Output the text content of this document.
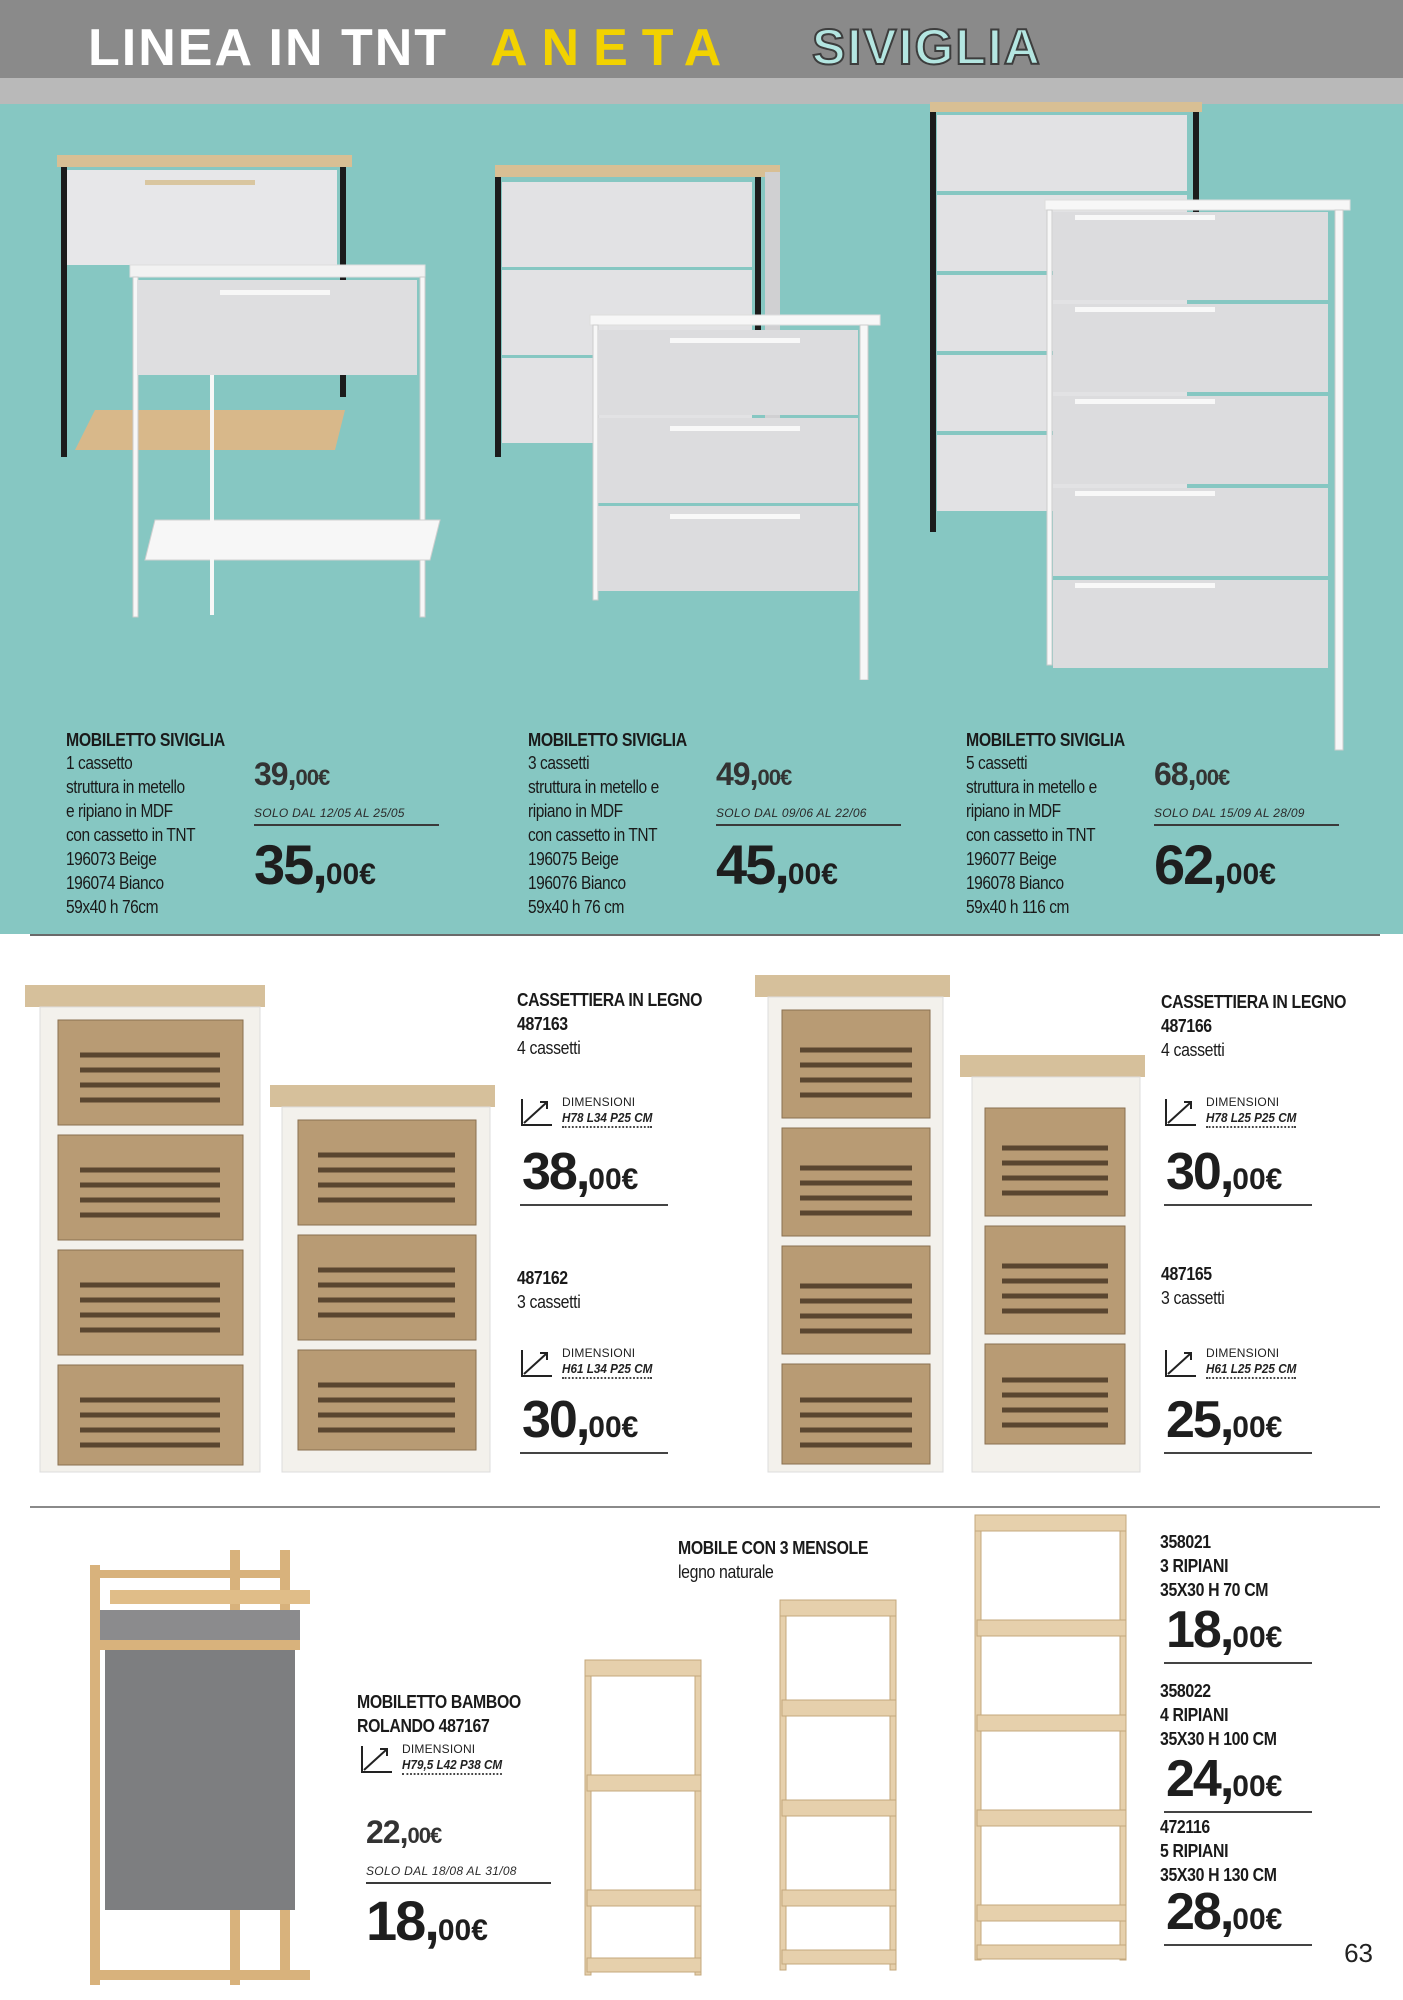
LINEA IN TNT ANETA SIVIGLIA
MOBILETTO SIVIGLIA
1 cassetto
struttura in metello
e ripiano in MDF
con cassetto in TNT
196073 Beige
196074 Bianco
59x40 h 76cm
39,00€
SOLO DAL 12/05 AL 25/05
35,00€
MOBILETTO SIVIGLIA
3 cassetti
struttura in metello e
ripiano in MDF
con cassetto in TNT
196075 Beige
196076 Bianco
59x40 h 76 cm
49,00€
SOLO DAL 09/06 AL 22/06
45,00€
MOBILETTO SIVIGLIA
5 cassetti
struttura in metello e
ripiano in MDF
con cassetto in TNT
196077 Beige
196078 Bianco
59x40 h 116 cm
68,00€
SOLO DAL 15/09 AL 28/09
62,00€
CASSETTIERA IN LEGNO
487163
4 cassetti
DIMENSIONI
H78 L34 P25 CM
38,00€
487162
3 cassetti
DIMENSIONI
H61 L34 P25 CM
30,00€
CASSETTIERA IN LEGNO
487166
4 cassetti
DIMENSIONI
H78 L25 P25 CM
30,00€
487165
3 cassetti
DIMENSIONI
H61 L25 P25 CM
25,00€
MOBILETTO BAMBOO
ROLANDO 487167
DIMENSIONI
H79,5 L42 P38 CM
22,00€
SOLO DAL 18/08 AL 31/08
18,00€
MOBILE CON 3 MENSOLE
legno naturale
358021
3 RIPIANI
35X30 H 70 CM
18,00€
358022
4 RIPIANI
35X30 H 100 CM
24,00€
472116
5 RIPIANI
35X30 H 130 CM
28,00€
63
